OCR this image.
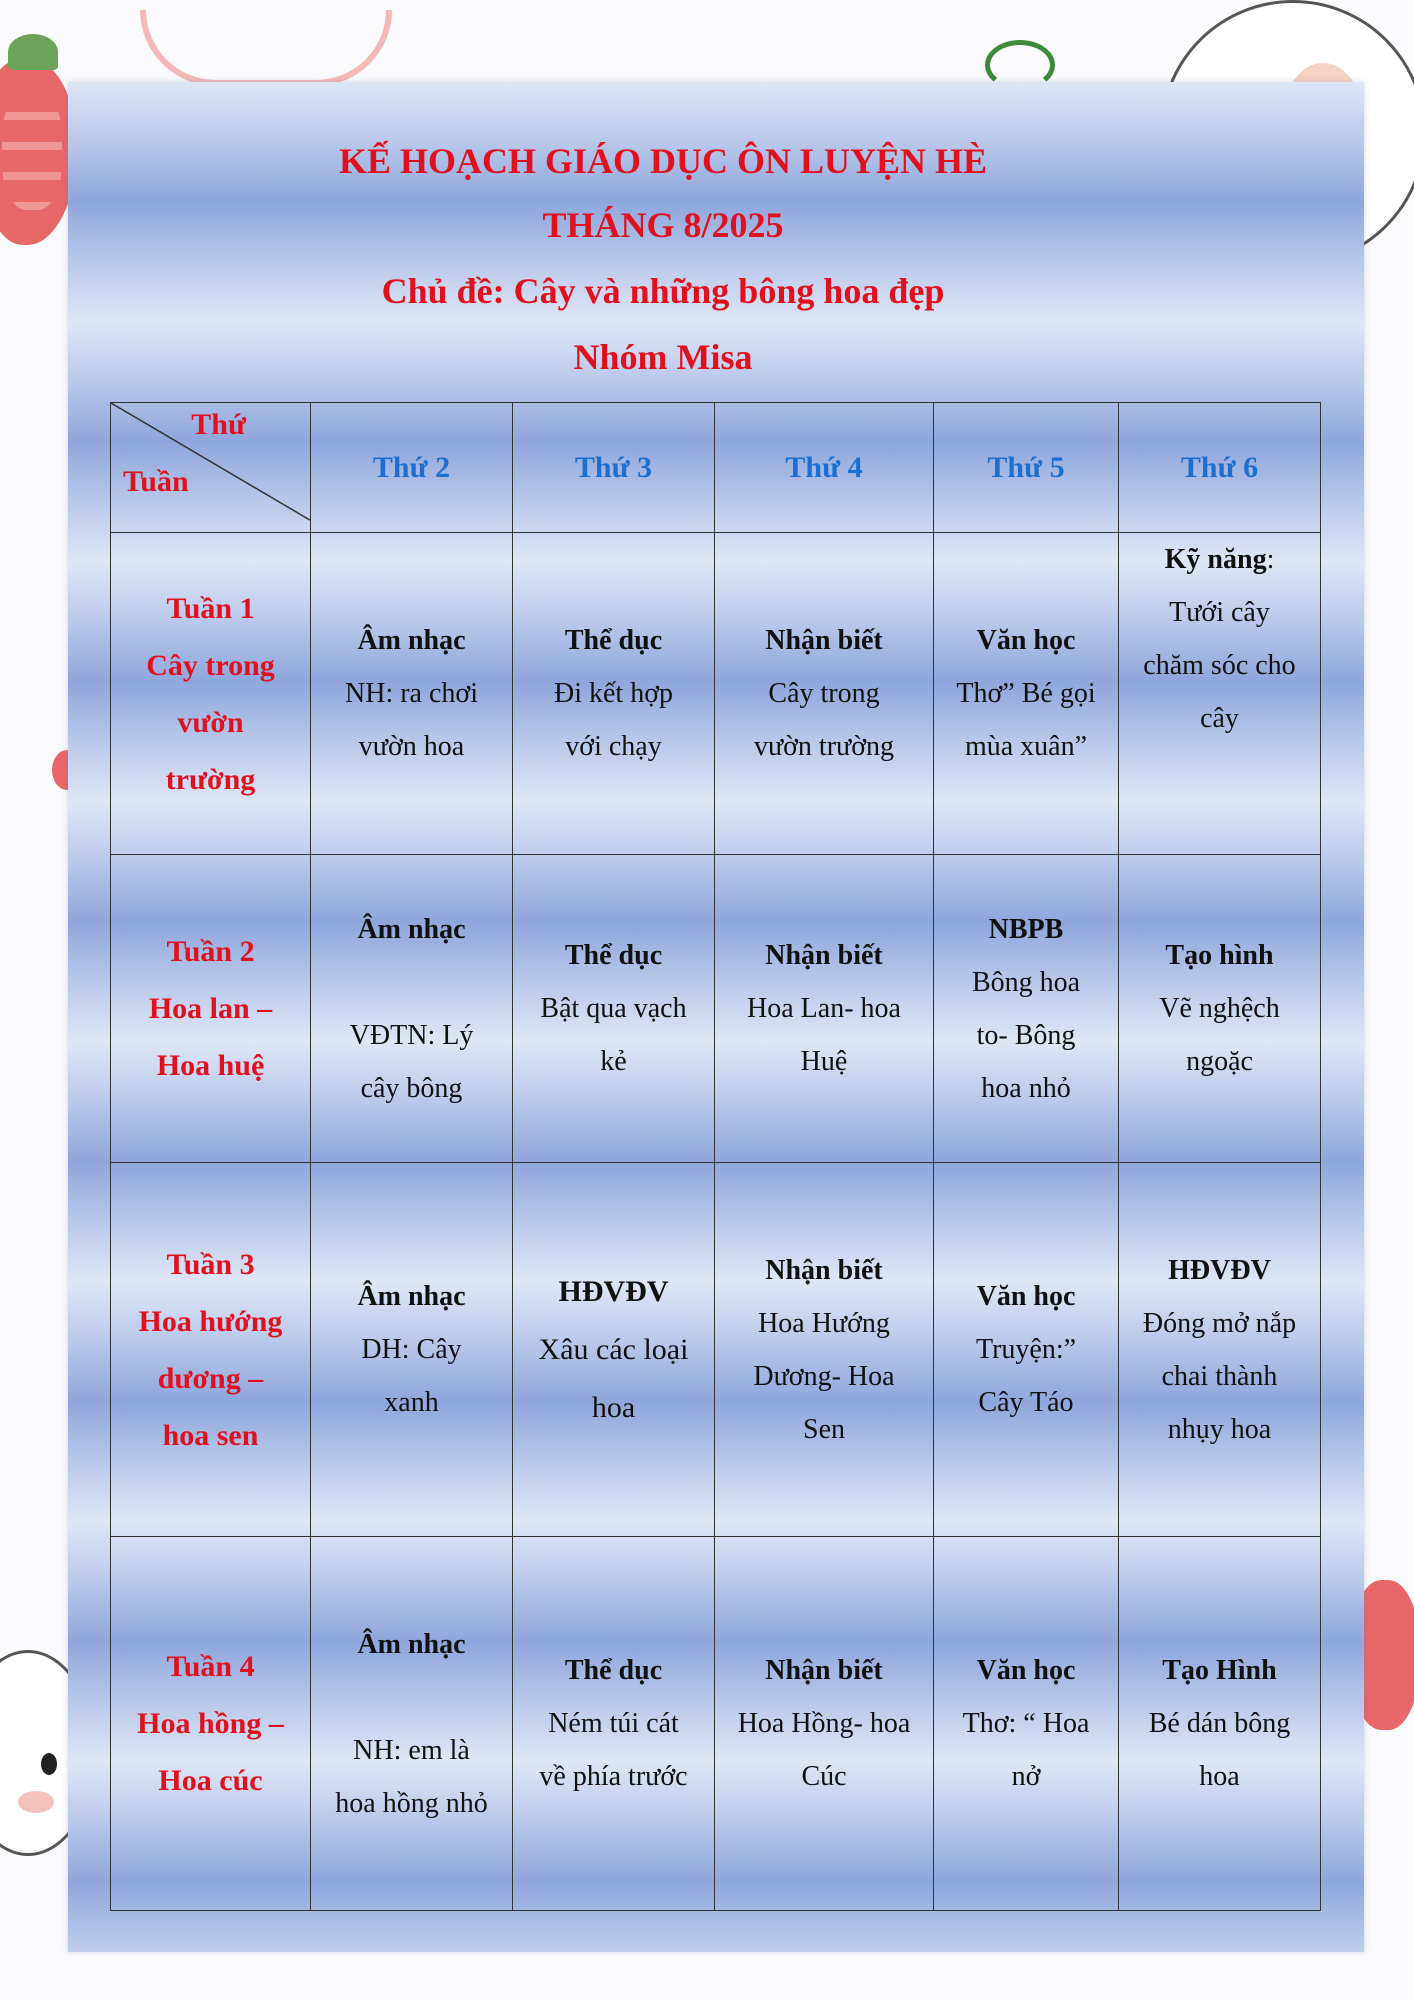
KẾ HOẠCH GIÁO DỤC ÔN LUYỆN HÈ
THÁNG 8/2025
Chủ đề: Cây và những bông hoa đẹp
Nhóm Misa
Thứ
Tuần	Thứ 2	Thứ 3	Thứ 4	Thứ 5	Thứ 6

Tuần 1
Cây trong
vườn
trường	Âm nhạc
NH: ra chơi
vườn hoa	Thể dục
Đi kết hợp
với chạy	Nhận biết
Cây trong
vườn trường	Văn học
Thơ” Bé gọi
mùa xuân”	Kỹ năng:
Tưới cây
chăm sóc cho
cây

Tuần 2
Hoa lan –
Hoa huệ	Âm nhạc
VĐTN: Lý
cây bông	Thể dục
Bật qua vạch
kẻ	Nhận biết
Hoa Lan- hoa
Huệ	NBPB
Bông hoa
to- Bông
hoa nhỏ	Tạo hình
Vẽ nghệch
ngoặc

Tuần 3
Hoa hướng
dương –
hoa sen	Âm nhạc
DH: Cây
xanh	HĐVĐV
Xâu các loại
hoa	Nhận biết
Hoa Hướng
Dương- Hoa
Sen	Văn học
Truyện:”
Cây Táo	HĐVĐV
Đóng mở nắp
chai thành
nhụy hoa

Tuần 4
Hoa hồng –
Hoa cúc	Âm nhạc
NH: em là
hoa hồng nhỏ	Thể dục
Ném túi cát
về phía trước	Nhận biết
Hoa Hồng- hoa
Cúc	Văn học
Thơ: “ Hoa
nở	Tạo Hình
Bé dán bông
hoa
